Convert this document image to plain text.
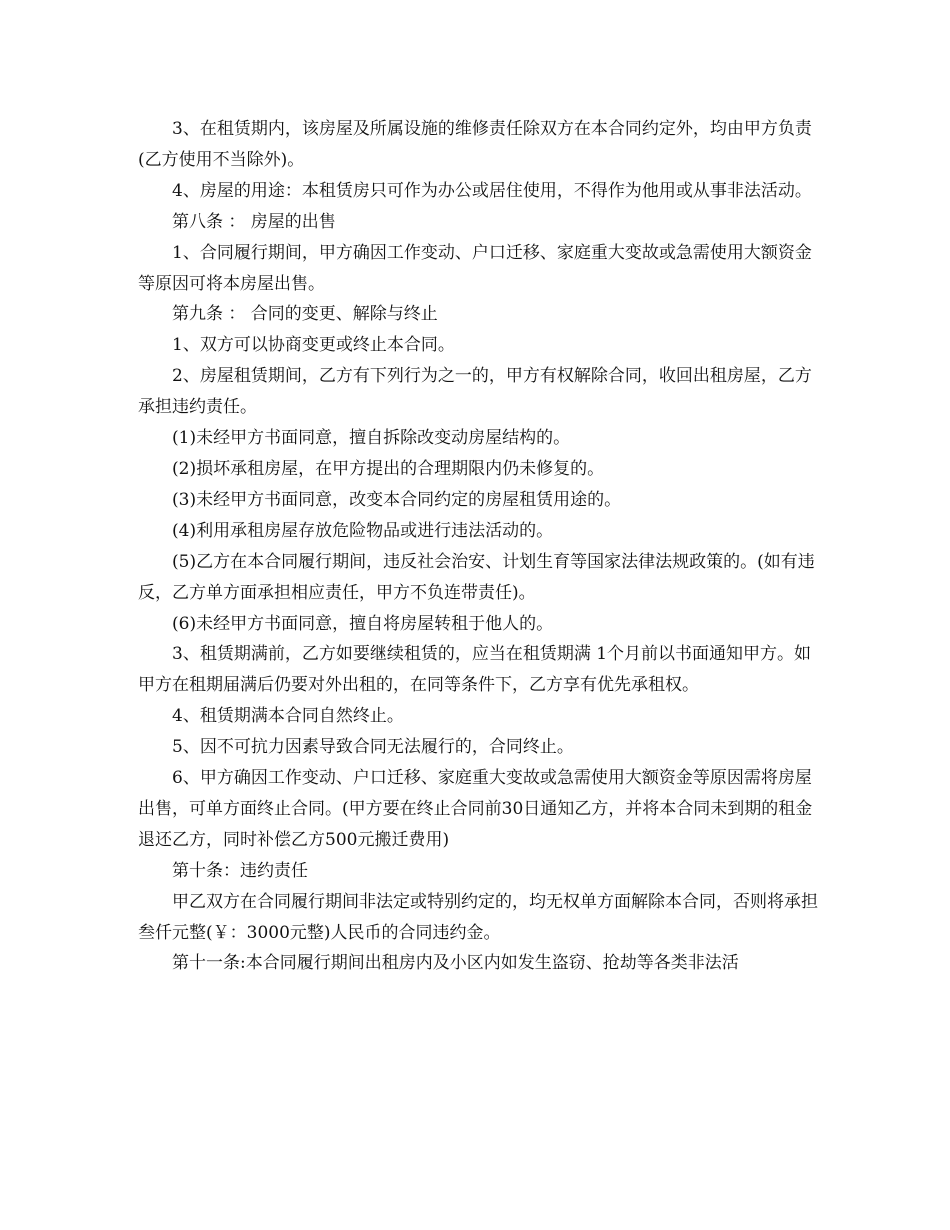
3、在租赁期内，该房屋及所属设施的维修责任除双方在本合同约定外，均由甲方负责(乙方使用不当除外)。

4、房屋的用途：本租赁房只可作为办公或居住使用，不得作为他用或从事非法活动。

第八条 ： 房屋的出售

1、合同履行期间，甲方确因工作变动、户口迁移、家庭重大变故或急需使用大额资金等原因可将本房屋出售。

第九条 ： 合同的变更、解除与终止

1、双方可以协商变更或终止本合同。

2、房屋租赁期间，乙方有下列行为之一的，甲方有权解除合同，收回出租房屋，乙方承担违约责任。

(1)未经甲方书面同意，擅自拆除改变动房屋结构的。

(2)损坏承租房屋，在甲方提出的合理期限内仍未修复的。

(3)未经甲方书面同意，改变本合同约定的房屋租赁用途的。

(4)利用承租房屋存放危险物品或进行违法活动的。

(5)乙方在本合同履行期间，违反社会治安、计划生育等国家法律法规政策的。(如有违反，乙方单方面承担相应责任，甲方不负连带责任)。

(6)未经甲方书面同意，擅自将房屋转租于他人的。

3、租赁期满前，乙方如要继续租赁的，应当在租赁期满 1个月前以书面通知甲方。如甲方在租期届满后仍要对外出租的，在同等条件下，乙方享有优先承租权。

4、租赁期满本合同自然终止。

5、因不可抗力因素导致合同无法履行的，合同终止。

6、甲方确因工作变动、户口迁移、家庭重大变故或急需使用大额资金等原因需将房屋出售，可单方面终止合同。(甲方要在终止合同前30日通知乙方，并将本合同未到期的租金退还乙方，同时补偿乙方500元搬迁费用)

第十条：违约责任

甲乙双方在合同履行期间非法定或特别约定的，均无权单方面解除本合同，否则将承担叁仟元整(￥：3000元整)人民币的合同违约金。

第十一条:本合同履行期间出租房内及小区内如发生盗窃、抢劫等各类非法活
